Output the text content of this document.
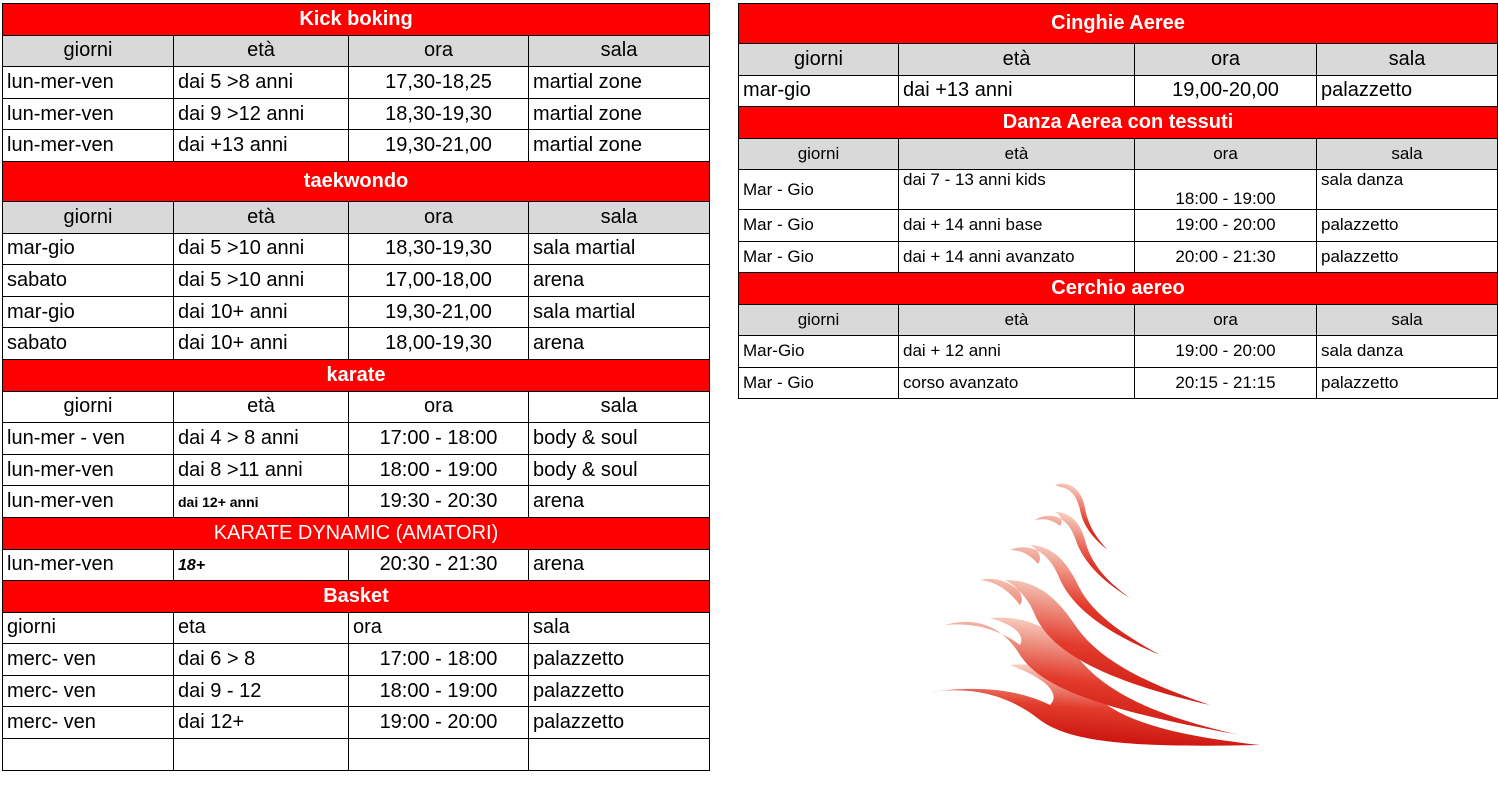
Kick boking			
giorni	età	ora	sala
lun-mer-ven	dai 5 >8 anni	17,30-18,25	martial zone
lun-mer-ven	dai 9 >12 anni	18,30-19,30	martial zone
lun-mer-ven	dai +13 anni	19,30-21,00	martial zone
taekwondo			
giorni	età	ora	sala
mar-gio	dai 5 >10 anni	18,30-19,30	sala martial
sabato	dai 5 >10 anni	17,00-18,00	arena
mar-gio	dai 10+ anni	19,30-21,00	sala martial
sabato	dai 10+ anni	18,00-19,30	arena
karate			
giorni	età	ora	sala
lun-mer - ven	dai 4 > 8 anni	17:00 - 18:00	body & soul
lun-mer-ven	dai 8 >11 anni	18:00 - 19:00	body & soul
lun-mer-ven	dai 12+ anni	19:30 - 20:30	arena
KARATE DYNAMIC (AMATORI)			
lun-mer-ven	18+	20:30 - 21:30	arena
Basket			
giorni	eta	ora	sala
merc- ven	dai 6 > 8	17:00 - 18:00	palazzetto
merc- ven	dai 9 - 12	18:00 - 19:00	palazzetto
merc- ven	dai 12+	19:00 - 20:00	palazzetto

Cinghie Aeree			
giorni	età	ora	sala
mar-gio	dai +13 anni	19,00-20,00	palazzetto
Danza Aerea con tessuti			
giorni	età	ora	sala
Mar - Gio	dai 7 - 13 anni kids	18:00 - 19:00	sala danza
Mar - Gio	dai + 14 anni base	19:00 - 20:00	palazzetto
Mar - Gio	dai + 14 anni avanzato	20:00 - 21:30	palazzetto
Cerchio aereo			
giorni	età	ora	sala
Mar-Gio	dai + 12 anni	19:00 - 20:00	sala danza
Mar - Gio	corso avanzato	20:15 - 21:15	palazzetto
